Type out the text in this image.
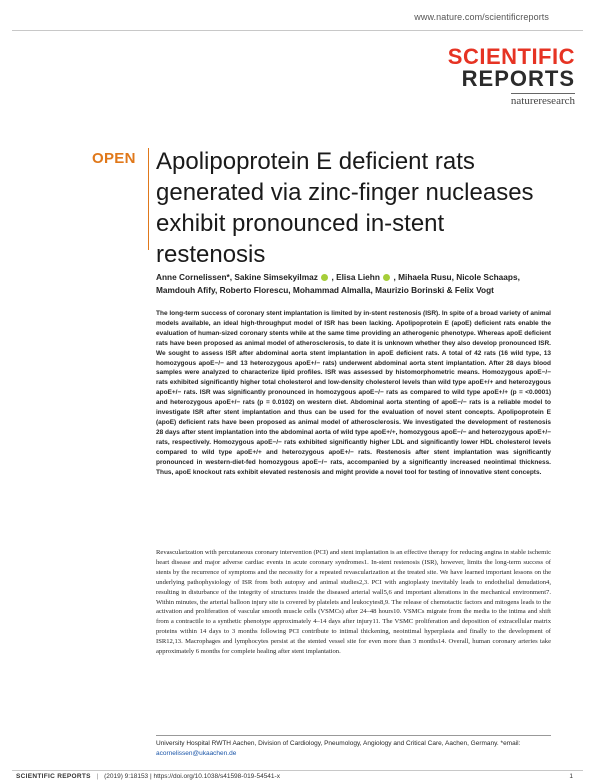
www.nature.com/scientificreports
SCIENTIFIC
REPORTS
natureresearch
OPEN Apolipoprotein E deficient rats generated via zinc-finger nucleases exhibit pronounced in-stent restenosis
Anne Cornelissen*, Sakine Simsekyilmaz , Elisa Liehn , Mihaela Rusu, Nicole Schaaps,
Mamdouh Afify, Roberto Florescu, Mohammad Almalla, Maurizio Borinski & Felix Vogt

The long-term success of coronary stent implantation is limited by in-stent restenosis (ISR). In spite of a broad variety of animal models available, an ideal high-throughput model of ISR has been lacking. Apolipoprotein E (apoE) deficient rats enable the evaluation of human-sized coronary stents while at the same time providing an atherogenic phenotype. Whereas apoE deficient rats have been proposed as animal model of atherosclerosis, to date it is unknown whether they also develop pronounced ISR. We sought to assess ISR after abdominal aorta stent implantation in apoE deficient rats. A total of 42 rats (16 wild type, 13 homozygous apoE−/− and 13 heterozygous apoE+/− rats) underwent abdominal aorta stent implantation. After 28 days blood samples were analyzed to characterize lipid profiles. ISR was assessed by histomorphometric means. Homozygous apoE−/− rats exhibited significantly higher total cholesterol and low-density cholesterol levels than wild type apoE+/+ and heterozygous apoE+/− rats. ISR was significantly pronounced in homozygous apoE−/− rats as compared to wild type apoE+/+ (p = <0.0001) and heterozygous apoE+/− rats (p = 0.0102) on western diet. Abdominal aorta stenting of apoE−/− rats is a reliable model to investigate ISR after stent implantation and thus can be used for the evaluation of novel stent concepts. Apolipoprotein E (apoE) deficient rats have been proposed as animal model of atherosclerosis. We investigated the development of restenosis 28 days after stent implantation into the abdominal aorta of wild type apoE+/+, homozygous apoE−/− and heterozygous apoE+/− rats, respectively. Homozygous apoE−/− rats exhibited significantly higher LDL and significantly lower HDL cholesterol levels compared to wild type apoE+/+ and heterozygous apoE+/− rats. Restenosis after stent implantation was significantly pronounced in western-diet-fed homozygous apoE−/− rats, accompanied by a significantly increased neointimal thickness. Thus, apoE knockout rats exhibit elevated restenosis and might provide a novel tool for testing of innovative stent concepts.

Revascularization with percutaneous coronary intervention (PCI) and stent implantation is an effective therapy for reducing angina in stable ischemic heart disease and major adverse cardiac events in acute coronary syndromes1. In-stent restenosis (ISR), however, limits the long-term success of stents by the recurrence of symptoms and the necessity for a repeated revascularization at the treated site. We have learned important lessons on the underlying pathophysiology of ISR from both autopsy and animal studies2,3. PCI with angioplasty inevitably leads to endothelial denudation4, resulting in disturbance of the integrity of structures inside the diseased arterial wall5,6 and important alterations in the mechanical environment7. Within minutes, the arterial balloon injury site is covered by platelets and leukocytes8,9. The release of chemotactic factors and mitogens leads to the activation and proliferation of vascular smooth muscle cells (VSMCs) after 24–48 hours10. VSMCs migrate from the media to the intima and shift from a contractile to a synthetic phenotype approximately 4–14 days after injury11. The VSMC proliferation and deposition of extracellular matrix proteins within 14 days to 3 months following PCI contribute to intimal thickening, neointimal hyperplasia and finally to the development of ISR12,13. Macrophages and lymphocytes persist at the stented vessel site for even more than 3 months14. Overall, human coronary arteries take approximately 6 months for complete healing after stent implantation.

University Hospital RWTH Aachen, Division of Cardiology, Pneumology, Angiology and Critical Care, Aachen, Germany. *email: acornelissen@ukaachen.de
SCIENTIFIC REPORTS | (2019) 9:18153 | https://doi.org/10.1038/s41598-019-54541-x	1
